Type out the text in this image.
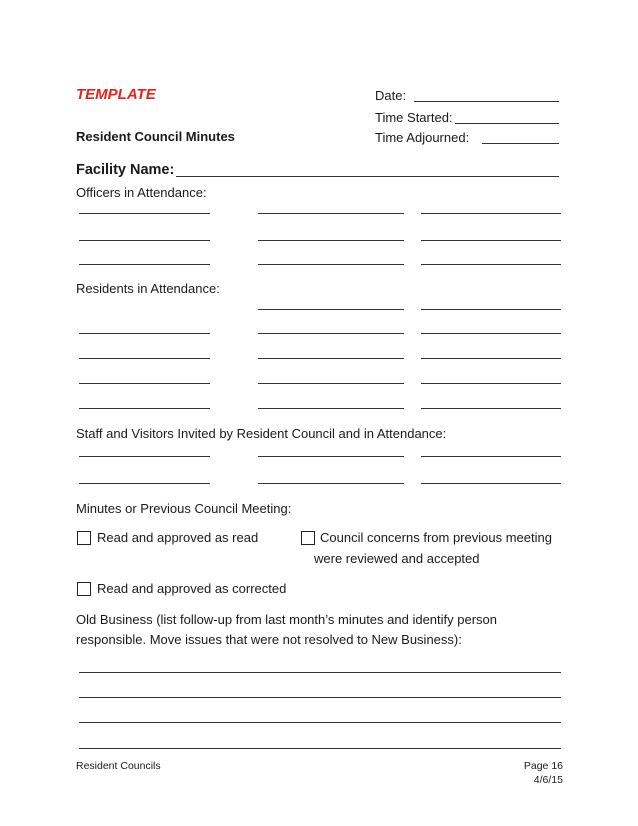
TEMPLATE
Resident Council Minutes
Date:
Time Started:
Time Adjourned:
Facility Name:
Officers in Attendance:
Residents in Attendance:
Staff and Visitors Invited by Resident Council and in Attendance:
Minutes or Previous Council Meeting:
Read and approved as read	Council concerns from previous meeting
were reviewed and accepted
Read and approved as corrected
Old Business (list follow-up from last month’s minutes and identify person
responsible. Move issues that were not resolved to New Business):
Resident Councils	Page 16
4/6/15
